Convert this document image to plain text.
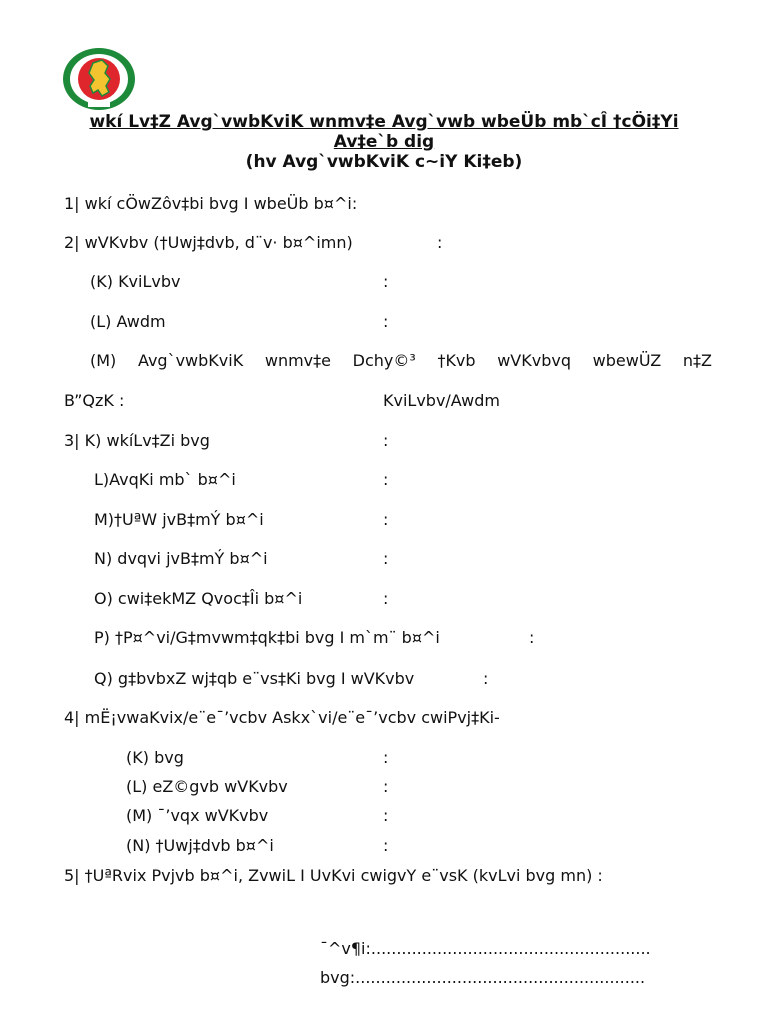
wkí Lv‡Z Avg`vwbKviK wnmv‡e Avg`vwb wbeÜb mb`cÎ †cÖi‡Yi
Av‡e`b dig
(hv Avg`vwbKviK c~iY Ki‡eb)
1| wkí cÖwZôv‡bi bvg I wbeÜb b¤^i:
2| wVKvbv (†Uwj‡dvb, d¨v· b¤^imn)	:
(K) KviLvbv	:
(L) Awdm	:
(M) Avg`vwbKviK wnmv‡e Dchy©³ †Kvb wVKvbvq wbewÜZ n‡Z
B”QzK :	KviLvbv/Awdm
3| K) wkíLv‡Zi bvg	:
L)AvqKi mb` b¤^i	:
M)†UªW jvB‡mÝ b¤^i	:
N) dvqvi jvB‡mÝ b¤^i	:
O) cwi‡ekMZ Qvoc‡Îi b¤^i	:
P) †P¤^vi/G‡mvwm‡qk‡bi bvg I m`m¨ b¤^i	:
Q) g‡bvbxZ wj‡qb e¨vs‡Ki bvg I wVKvbv	:
4| mË¡vwaKvix/e¨e¯’vcbv Askx`vi/e¨e¯’vcbv cwiPvj‡Ki-
(K) bvg	:
(L) eZ©gvb wVKvbv	:
(M) ¯’vqx wVKvbv	:
(N) †Uwj‡dvb b¤^i	:
5| †UªRvix Pvjvb b¤^i, ZvwiL I UvKvi cwigvY e¨vsK (kvLvi bvg mn) :
¯^v¶i:.......................................................
bvg:.........................................................
